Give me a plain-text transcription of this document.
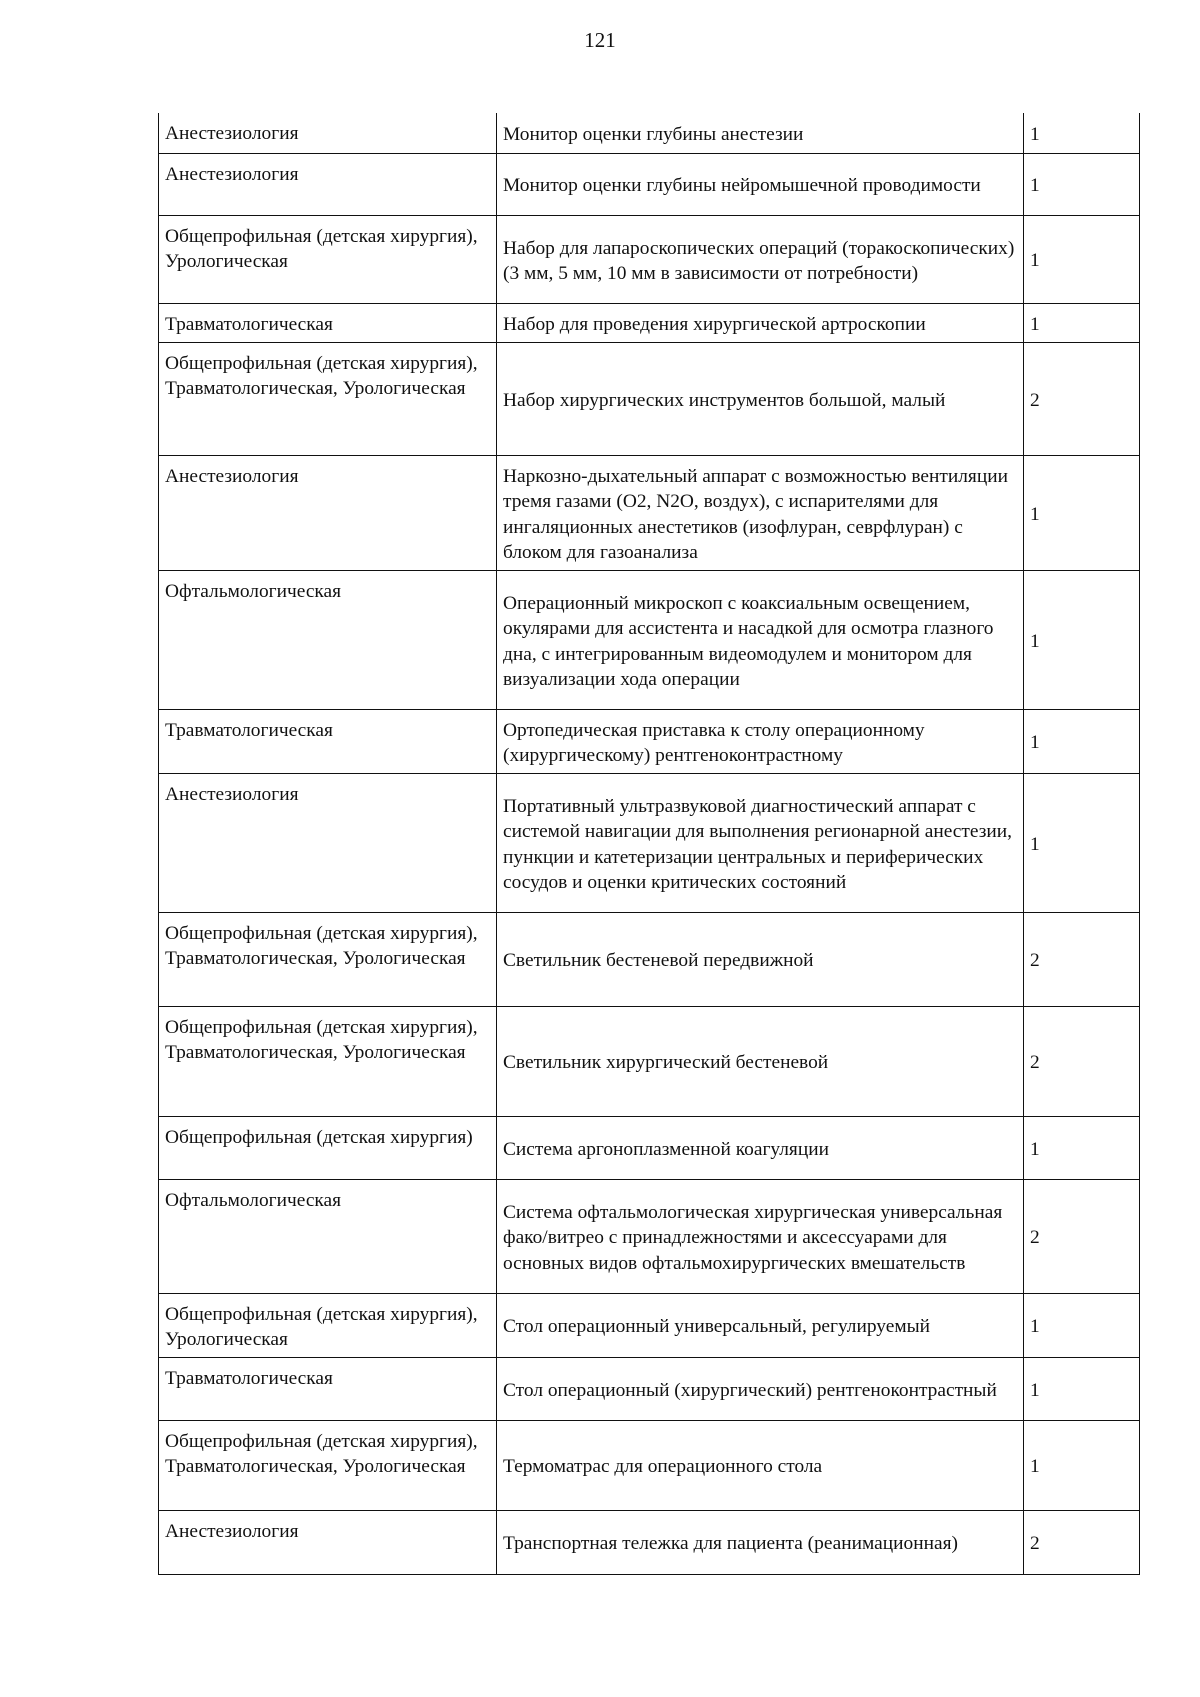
121
Анестезиология	Монитор оценки глубины анестезии	1
Анестезиология	Монитор оценки глубины нейромышечной проводимости	1
Общепрофильная (детская хирургия), Урологическая	Набор для лапароскопических операций (торакоскопических) (3 мм, 5 мм, 10 мм в зависимости от потребности)	1
Травматологическая	Набор для проведения хирургической артроскопии	1
Общепрофильная (детская хирургия), Травматологическая, Урологическая	Набор хирургических инструментов большой, малый	2
Анестезиология	Наркозно-дыхательный аппарат с возможностью вентиляции тремя газами (О2, N2O, воздух), с испарителями для ингаляционных анестетиков (изофлуран, севрфлуран) с блоком для газоанализа	1
Офтальмологическая	Операционный микроскоп с коаксиальным освещением, окулярами для ассистента и насадкой для осмотра глазного дна, с интегрированным видеомодулем и монитором для визуализации хода операции	1
Травматологическая	Ортопедическая приставка к столу операционному (хирургическому) рентгеноконтрастному	1
Анестезиология	Портативный ультразвуковой диагностический аппарат с системой навигации для выполнения регионарной анестезии, пункции и катетеризации центральных и периферических сосудов и оценки критических состояний	1
Общепрофильная (детская хирургия), Травматологическая, Урологическая	Светильник бестеневой передвижной	2
Общепрофильная (детская хирургия), Травматологическая, Урологическая	Светильник хирургический бестеневой	2
Общепрофильная (детская хирургия)	Система аргоноплазменной коагуляции	1
Офтальмологическая	Система офтальмологическая хирургическая универсальная фако/витрео с принадлежностями и аксессуарами для основных видов офтальмохирургических вмешательств	2
Общепрофильная (детская хирургия), Урологическая	Стол операционный универсальный, регулируемый	1
Травматологическая	Стол операционный (хирургический) рентгеноконтрастный	1
Общепрофильная (детская хирургия), Травматологическая, Урологическая	Термоматрас для операционного стола	1
Анестезиология	Транспортная тележка для пациента (реанимационная)	2
